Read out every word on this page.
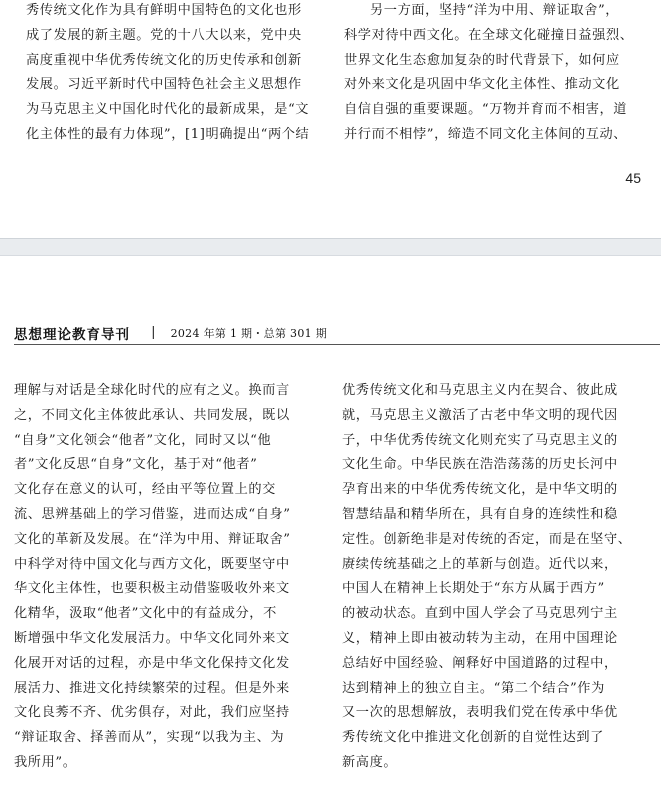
秀传统文化作为具有鲜明中国特色的文化也形
成了发展的新主题。党的十八大以来，党中央
高度重视中华优秀传统文化的历史传承和创新
发展。习近平新时代中国特色社会主义思想作
为马克思主义中国化时代化的最新成果，是“文
化主体性的最有力体现”，[1]明确提出“两个结
另一方面，坚持“洋为中用、辩证取舍”，
科学对待中西文化。在全球文化碰撞日益强烈、
世界文化生态愈加复杂的时代背景下，如何应
对外来文化是巩固中华文化主体性、推动文化
自信自强的重要课题。“万物并育而不相害，道
并行而不相悖”，缔造不同文化主体间的互动、
45
思想理论教育导刊 | 2024 年第 1 期・总第 301 期
理解与对话是全球化时代的应有之义。换而言
之，不同文化主体彼此承认、共同发展，既以
“自身”文化领会“他者”文化，同时又以“他
者”文化反思“自身”文化，基于对“他者”
文化存在意义的认可，经由平等位置上的交
流、思辨基础上的学习借鉴，进而达成“自身”
文化的革新及发展。在“洋为中用、辩证取舍”
中科学对待中国文化与西方文化，既要坚守中
华文化主体性，也要积极主动借鉴吸收外来文
化精华，汲取“他者”文化中的有益成分，不
断增强中华文化发展活力。中华文化同外来文
化展开对话的过程，亦是中华文化保持文化发
展活力、推进文化持续繁荣的过程。但是外来
文化良莠不齐、优劣俱存，对此，我们应坚持
“辩证取舍、择善而从”，实现“以我为主、为
我所用”。
优秀传统文化和马克思主义内在契合、彼此成
就，马克思主义激活了古老中华文明的现代因
子，中华优秀传统文化则充实了马克思主义的
文化生命。中华民族在浩浩荡荡的历史长河中
孕育出来的中华优秀传统文化，是中华文明的
智慧结晶和精华所在，具有自身的连续性和稳
定性。创新绝非是对传统的否定，而是在坚守、
赓续传统基础之上的革新与创造。近代以来，
中国人在精神上长期处于“东方从属于西方”
的被动状态。直到中国人学会了马克思列宁主
义，精神上即由被动转为主动，在用中国理论
总结好中国经验、阐释好中国道路的过程中，
达到精神上的独立自主。“第二个结合”作为
又一次的思想解放，表明我们党在传承中华优
秀传统文化中推进文化创新的自觉性达到了
新高度。
